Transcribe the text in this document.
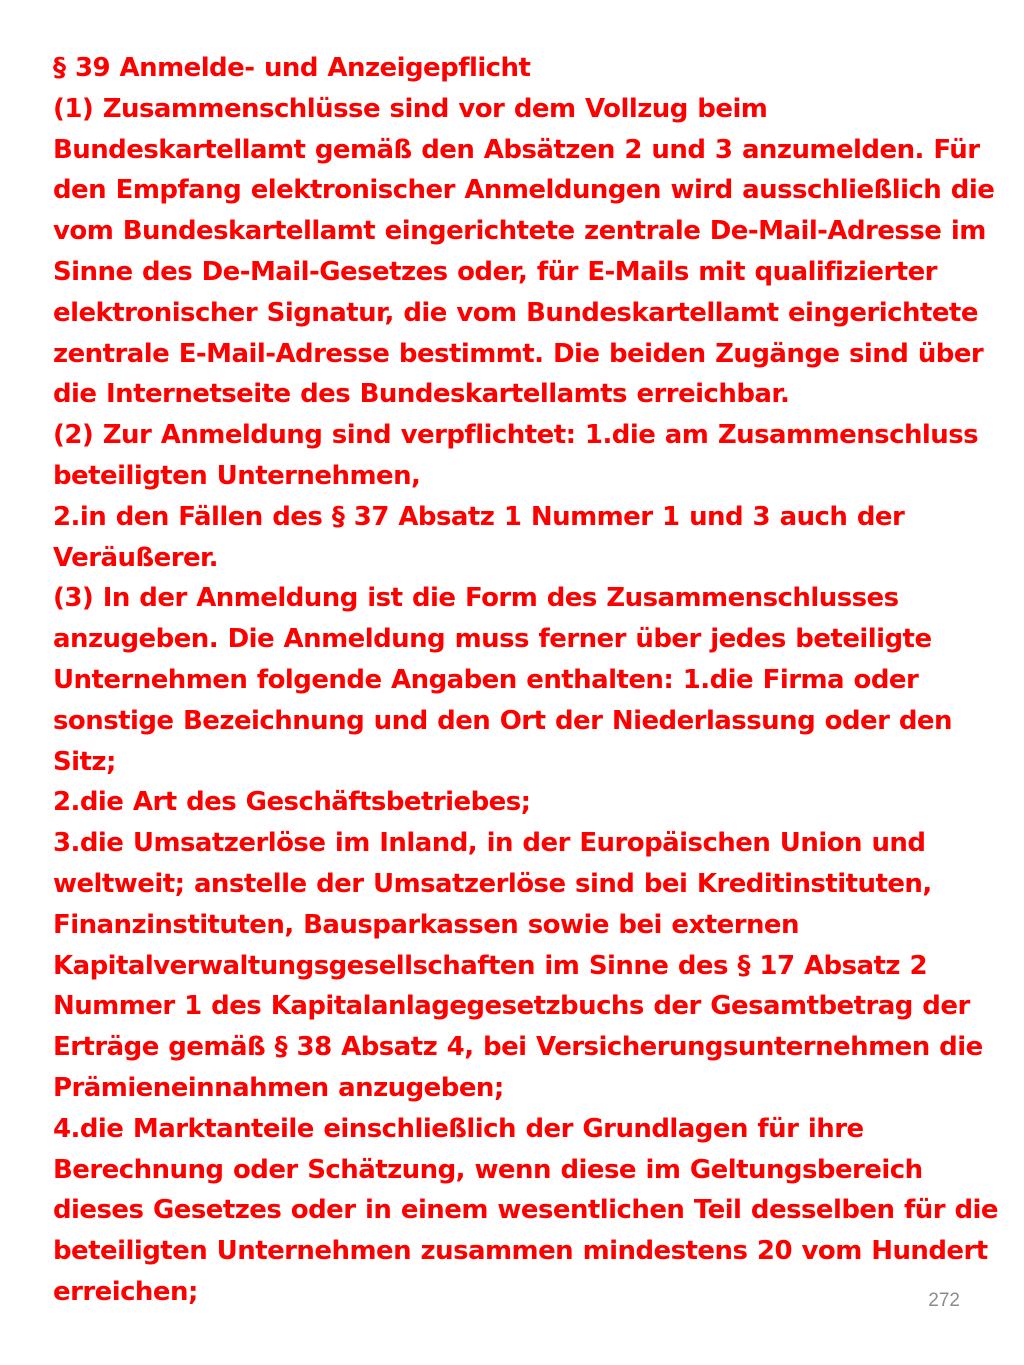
§ 39 Anmelde- und Anzeigepflicht
(1) Zusammenschlüsse sind vor dem Vollzug beim
Bundeskartellamt gemäß den Absätzen 2 und 3 anzumelden. Für
den Empfang elektronischer Anmeldungen wird ausschließlich die
vom Bundeskartellamt eingerichtete zentrale De-Mail-Adresse im
Sinne des De-Mail-Gesetzes oder, für E-Mails mit qualifizierter
elektronischer Signatur, die vom Bundeskartellamt eingerichtete
zentrale E-Mail-Adresse bestimmt. Die beiden Zugänge sind über
die Internetseite des Bundeskartellamts erreichbar.
(2) Zur Anmeldung sind verpflichtet: 1.die am Zusammenschluss
beteiligten Unternehmen,
2.in den Fällen des § 37 Absatz 1 Nummer 1 und 3 auch der
Veräußerer.
(3) In der Anmeldung ist die Form des Zusammenschlusses
anzugeben. Die Anmeldung muss ferner über jedes beteiligte
Unternehmen folgende Angaben enthalten: 1.die Firma oder
sonstige Bezeichnung und den Ort der Niederlassung oder den
Sitz;
2.die Art des Geschäftsbetriebes;
3.die Umsatzerlöse im Inland, in der Europäischen Union und
weltweit; anstelle der Umsatzerlöse sind bei Kreditinstituten,
Finanzinstituten, Bausparkassen sowie bei externen
Kapitalverwaltungsgesellschaften im Sinne des § 17 Absatz 2
Nummer 1 des Kapitalanlagegesetzbuchs der Gesamtbetrag der
Erträge gemäß § 38 Absatz 4, bei Versicherungsunternehmen die
Prämieneinnahmen anzugeben;
4.die Marktanteile einschließlich der Grundlagen für ihre
Berechnung oder Schätzung, wenn diese im Geltungsbereich
dieses Gesetzes oder in einem wesentlichen Teil desselben für die
beteiligten Unternehmen zusammen mindestens 20 vom Hundert
erreichen;	272
